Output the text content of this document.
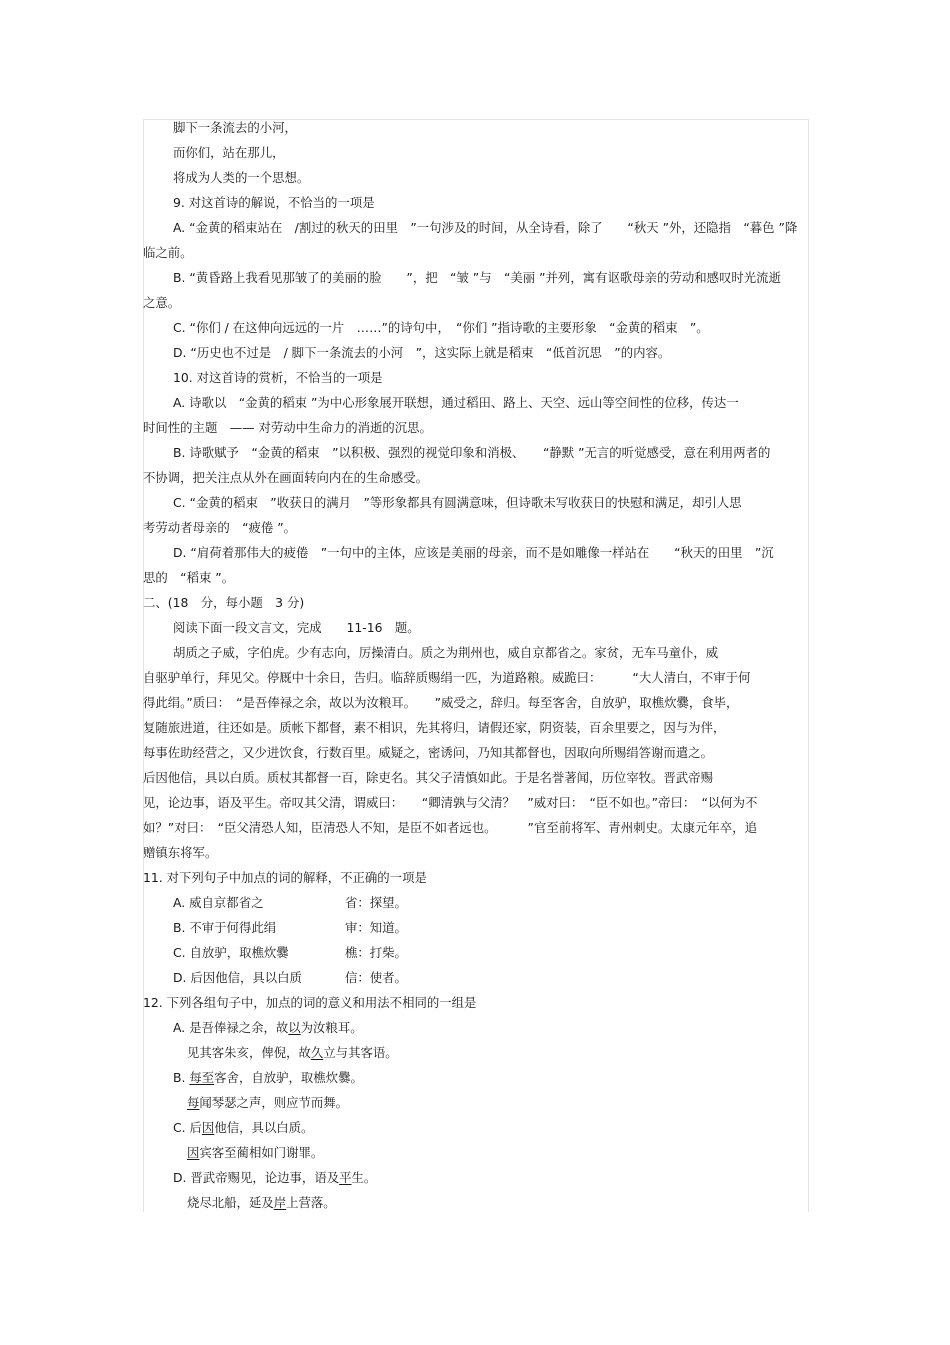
脚下一条流去的小河，
而你们，站在那儿，
将成为人类的一个思想。
9. 对这首诗的解说，不恰当的一项是
A. “金黄的稻束站在　/割过的秋天的田里　”一句涉及的时间，从全诗看，除了　　“秋天 ”外，还隐指　“暮色 ”降
临之前。
B. “黄昏路上我看见那皱了的美丽的脸　　”，把　“皱 ”与　“美丽 ”并列，寓有讴歌母亲的劳动和感叹时光流逝
之意。
C. “你们 / 在这伸向远远的一片　……”的诗句中，　“你们 ”指诗歌的主要形象　“金黄的稻束　”。
D. “历史也不过是　/ 脚下一条流去的小河　”，这实际上就是稻束　“低首沉思　”的内容。
10. 对这首诗的赏析，不恰当的一项是
A. 诗歌以　“金黄的稻束 ”为中心形象展开联想，通过稻田、路上、天空、远山等空间性的位移，传达一
时间性的主题　—— 对劳动中生命力的消逝的沉思。
B. 诗歌赋予　“金黄的稻束　”以积极、强烈的视觉印象和消极、　　“静默 ”无言的听觉感受，意在利用两者的
不协调，把关注点从外在画面转向内在的生命感受。
C. “金黄的稻束　”收获日的满月　”等形象都具有圆满意味，但诗歌未写收获日的快慰和满足，却引人思
考劳动者母亲的　“疲倦 ”。
D. “肩荷着那伟大的疲倦　”一句中的主体，应该是美丽的母亲，而不是如雕像一样站在　　“秋天的田里　”沉
思的　“稻束 ”。
二、(18　分，每小题　3 分)
阅读下面一段文言文，完成　　11-16　题。
胡质之子威，字伯虎。少有志向，厉操清白。质之为荆州也，威自京都省之。家贫，无车马童仆，威
自驱驴单行，拜见父。停厩中十余日，告归。临辞质赐绢一匹，为道路粮。威跪曰：　　　“大人清白，不审于何
得此绢。”质曰：　“是吾俸禄之余，故以为汝粮耳。　　”威受之，辞归。每至客舍，自放驴，取樵炊爨，食毕，
复随旅进道，往还如是。质帐下都督，素不相识，先其将归，请假还家，阴资装，百余里要之，因与为伴，
每事佐助经营之，又少进饮食，行数百里。威疑之，密诱问，乃知其都督也，因取向所赐绢答谢而遣之。
后因他信，具以白质。质杖其都督一百，除吏名。其父子清慎如此。于是名誉著闻，历位宰牧。晋武帝赐
见，论边事，语及平生。帝叹其父清，谓威曰：　　“卿清孰与父清？　”威对曰：　“臣不如也。”帝曰：　“以何为不
如？”对曰：　“臣父清恐人知，臣清恐人不知，是臣不如者远也。　　　”官至前将军、青州刺史。太康元年卒，追
赠镇东将军。
11. 对下列句子中加点的词的解释，不正确的一项是
A. 威自京都省之	省：探望。
B. 不审于何得此绢	审：知道。
C. 自放驴，取樵炊爨	樵：打柴。
D. 后因他信，具以白质	信：使者。
12. 下列各组句子中，加点的词的意义和用法不相同的一组是
A. 是吾俸禄之余，故以为汝粮耳。
见其客朱亥，俾倪，故久立与其客语。
B. 每至客舍，自放驴，取樵炊爨。
每闻琴瑟之声，则应节而舞。
C. 后因他信，具以白质。
因宾客至蔺相如门谢罪。
D. 晋武帝赐见，论边事，语及平生。
烧尽北船，延及岸上营落。
